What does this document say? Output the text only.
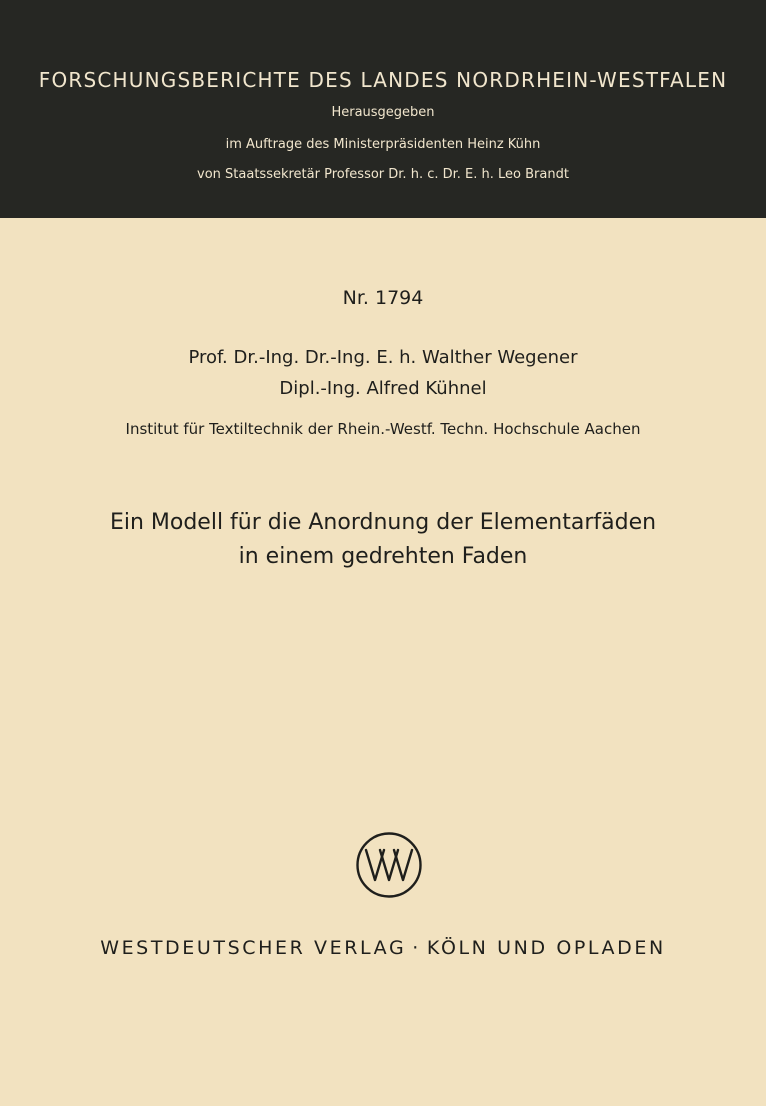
FORSCHUNGSBERICHTE DES LANDES NORDRHEIN-WESTFALEN
Herausgegeben
im Auftrage des Ministerpräsidenten Heinz Kühn
von Staatssekretär Professor Dr. h. c. Dr. E. h. Leo Brandt
Nr. 1794
Prof. Dr.-Ing. Dr.-Ing. E. h. Walther Wegener
Dipl.-Ing. Alfred Kühnel
Institut für Textiltechnik der Rhein.-Westf. Techn. Hochschule Aachen
Ein Modell für die Anordnung der Elementarfäden
in einem gedrehten Faden
WESTDEUTSCHER VERLAG · KÖLN UND OPLADEN
